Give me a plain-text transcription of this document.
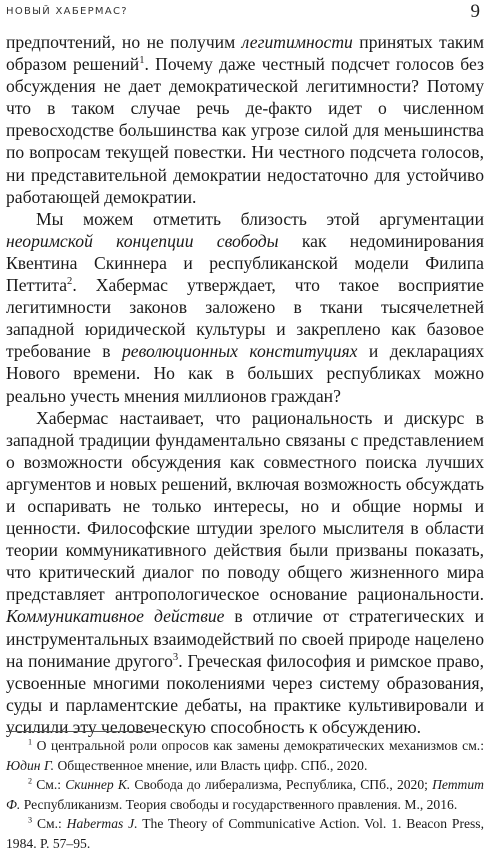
НОВЫЙ ХАБЕРМАС?	9

предпочтений, но не получим легитимности принятых таким образом решений$^1$. Почему даже честный подсчет голосов без обсуждения не дает демократической легитимности? Потому что в таком случае речь де-факто идет о численном превосходстве большинства как угрозе силой для меньшинства по вопросам текущей повестки. Ни честного подсчета голосов, ни представительной демократии недостаточно для устойчиво работающей демократии.

Мы можем отметить близость этой аргументации неоримской концепции свободы как недоминирования Квентина Скиннера и республиканской модели Филипа Петтита$^2$. Хабермас утверждает, что такое восприятие легитимности законов заложено в ткани тысячелетней западной юридической культуры и закреплено как базовое требование в революционных конституциях и декларациях Нового времени. Но как в больших республиках можно реально учесть мнения миллионов граждан?

Хабермас настаивает, что рациональность и дискурс в западной традиции фундаментально связаны с представлением о возможности обсуждения как совместного поиска лучших аргументов и новых решений, включая возможность обсуждать и оспаривать не только интересы, но и общие нормы и ценности. Философские штудии зрелого мыслителя в области теории коммуникативного действия были призваны показать, что критический диалог по поводу общего жизненного мира представляет антропологическое основание рациональности. Коммуникативное действие в отличие от стратегических и инструментальных взаимодействий по своей природе нацелено на понимание другого$^3$. Греческая философия и римское право, усвоенные многими поколениями через систему образования, суды и парламентские дебаты, на практике культивировали и усилили эту человеческую способность к обсуждению.

$^1$ О центральной роли опросов как замены демократических механизмов см.: Юдин Г. Общественное мнение, или Власть цифр. СПб., 2020.

$^2$ См.: Скиннер К. Свобода до либерализма, Республика, СПб., 2020; Петтит Ф. Республиканизм. Теория свободы и государственного правления. М., 2016.

$^3$ См.: Habermas J. The Theory of Communicative Action. Vol. 1. Beacon Press, 1984. P. 57–95.
